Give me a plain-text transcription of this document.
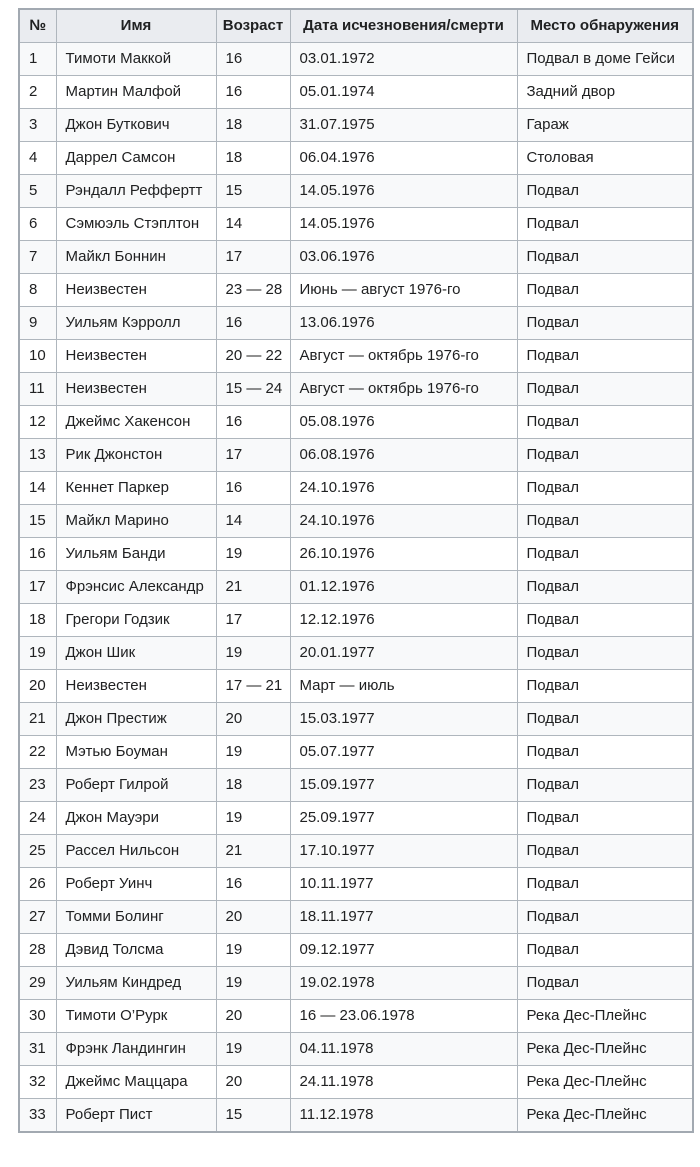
№	Имя	Возраст	Дата исчезновения/смерти	Место обнаружения
1	Тимоти Маккой	16	03.01.1972	Подвал в доме Гейси
2	Мартин Малфой	16	05.01.1974	Задний двор
3	Джон Буткович	18	31.07.1975	Гараж
4	Даррел Самсон	18	06.04.1976	Столовая
5	Рэндалл Реффертт	15	14.05.1976	Подвал
6	Сэмюэль Стэплтон	14	14.05.1976	Подвал
7	Майкл Боннин	17	03.06.1976	Подвал
8	Неизвестен	23 — 28	Июнь — август 1976-го	Подвал
9	Уильям Кэрролл	16	13.06.1976	Подвал
10	Неизвестен	20 — 22	Август — октябрь 1976-го	Подвал
11	Неизвестен	15 — 24	Август — октябрь 1976-го	Подвал
12	Джеймс Хакенсон	16	05.08.1976	Подвал
13	Рик Джонстон	17	06.08.1976	Подвал
14	Кеннет Паркер	16	24.10.1976	Подвал
15	Майкл Марино	14	24.10.1976	Подвал
16	Уильям Банди	19	26.10.1976	Подвал
17	Фрэнсис Александр	21	01.12.1976	Подвал
18	Грегори Годзик	17	12.12.1976	Подвал
19	Джон Шик	19	20.01.1977	Подвал
20	Неизвестен	17 — 21	Март — июль	Подвал
21	Джон Престиж	20	15.03.1977	Подвал
22	Мэтью Боуман	19	05.07.1977	Подвал
23	Роберт Гилрой	18	15.09.1977	Подвал
24	Джон Мауэри	19	25.09.1977	Подвал
25	Рассел Нильсон	21	17.10.1977	Подвал
26	Роберт Уинч	16	10.11.1977	Подвал
27	Томми Болинг	20	18.11.1977	Подвал
28	Дэвид Толсма	19	09.12.1977	Подвал
29	Уильям Киндред	19	19.02.1978	Подвал
30	Тимоти О’Рурк	20	16 — 23.06.1978	Река Дес-Плейнс
31	Фрэнк Ландингин	19	04.11.1978	Река Дес-Плейнс
32	Джеймс Маццара	20	24.11.1978	Река Дес-Плейнс
33	Роберт Пист	15	11.12.1978	Река Дес-Плейнс
